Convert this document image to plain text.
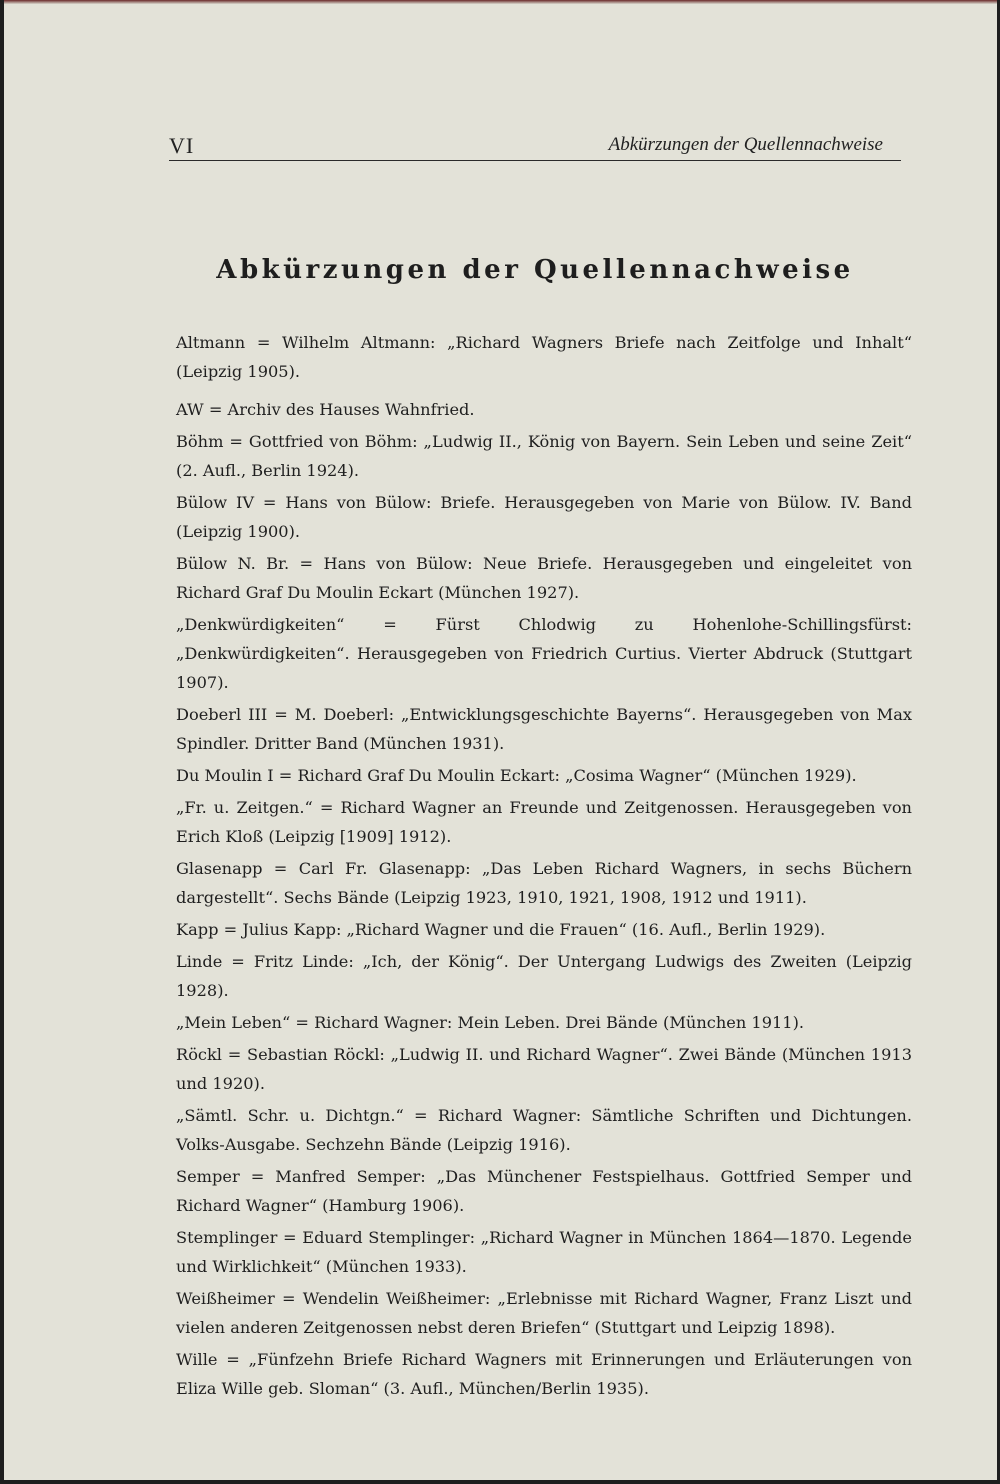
VI	Abkürzungen der Quellennachweise
Abkürzungen der Quellennachweise

Altmann = Wilhelm Altmann: „Richard Wagners Briefe nach Zeitfolge und Inhalt“ (Leipzig 1905).

AW = Archiv des Hauses Wahnfried.

Böhm = Gottfried von Böhm: „Ludwig II., König von Bayern. Sein Leben und seine Zeit“ (2. Aufl., Berlin 1924).

Bülow IV = Hans von Bülow: Briefe. Herausgegeben von Marie von Bülow. IV. Band (Leipzig 1900).

Bülow N. Br. = Hans von Bülow: Neue Briefe. Herausgegeben und eingeleitet von Richard Graf Du Moulin Eckart (München 1927).

„Denkwürdigkeiten“ = Fürst Chlodwig zu Hohenlohe-Schillingsfürst: „Denkwürdigkeiten“. Herausgegeben von Friedrich Curtius. Vierter Abdruck (Stuttgart 1907).

Doeberl III = M. Doeberl: „Entwicklungsgeschichte Bayerns“. Herausgegeben von Max Spindler. Dritter Band (München 1931).

Du Moulin I = Richard Graf Du Moulin Eckart: „Cosima Wagner“ (München 1929).

„Fr. u. Zeitgen.“ = Richard Wagner an Freunde und Zeitgenossen. Herausgegeben von Erich Kloß (Leipzig [1909] 1912).

Glasenapp = Carl Fr. Glasenapp: „Das Leben Richard Wagners, in sechs Büchern dargestellt“. Sechs Bände (Leipzig 1923, 1910, 1921, 1908, 1912 und 1911).

Kapp = Julius Kapp: „Richard Wagner und die Frauen“ (16. Aufl., Berlin 1929).

Linde = Fritz Linde: „Ich, der König“. Der Untergang Ludwigs des Zweiten (Leipzig 1928).

„Mein Leben“ = Richard Wagner: Mein Leben. Drei Bände (München 1911).

Röckl = Sebastian Röckl: „Ludwig II. und Richard Wagner“. Zwei Bände (München 1913 und 1920).

„Sämtl. Schr. u. Dichtgn.“ = Richard Wagner: Sämtliche Schriften und Dichtungen. Volks-Ausgabe. Sechzehn Bände (Leipzig 1916).

Semper = Manfred Semper: „Das Münchener Festspielhaus. Gottfried Semper und Richard Wagner“ (Hamburg 1906).

Stemplinger = Eduard Stemplinger: „Richard Wagner in München 1864—1870. Legende und Wirklichkeit“ (München 1933).

Weißheimer = Wendelin Weißheimer: „Erlebnisse mit Richard Wagner, Franz Liszt und vielen anderen Zeitgenossen nebst deren Briefen“ (Stuttgart und Leipzig 1898).

Wille = „Fünfzehn Briefe Richard Wagners mit Erinnerungen und Erläuterungen von Eliza Wille geb. Sloman“ (3. Aufl., München/Berlin 1935).
